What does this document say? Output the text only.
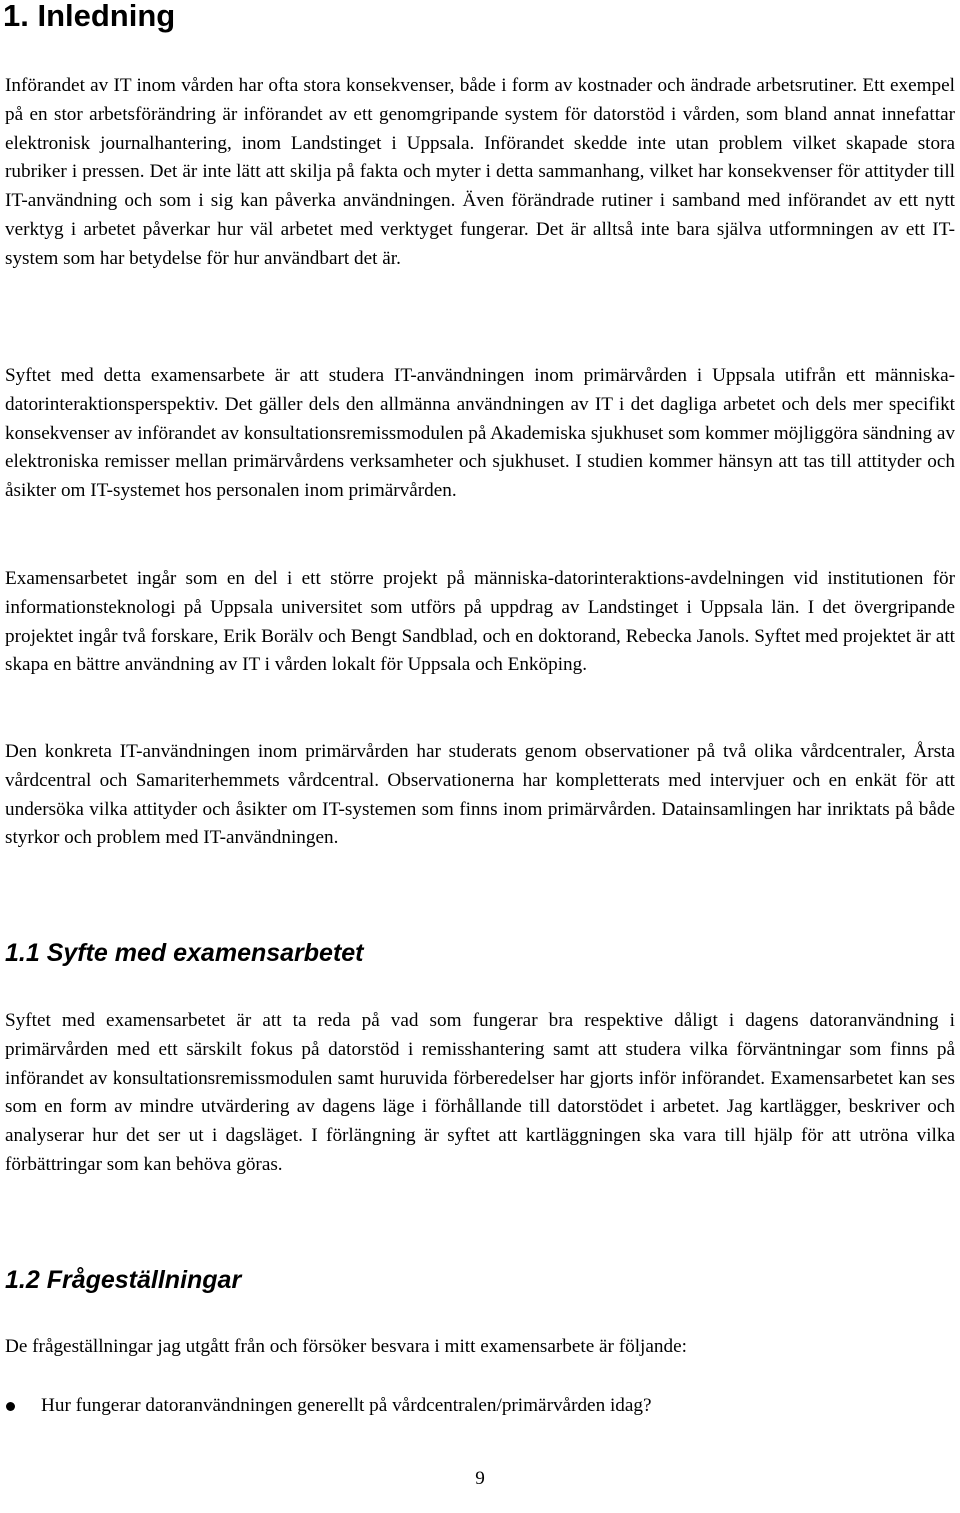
1. Inledning

Införandet av IT inom vården har ofta stora konsekvenser, både i form av kostnader och ändrade arbetsrutiner. Ett exempel på en stor arbetsförändring är införandet av ett genomgripande system för datorstöd i vården, som bland annat innefattar elektronisk journalhantering, inom Landstinget i Uppsala. Införandet skedde inte utan problem vilket skapade stora rubriker i pressen. Det är inte lätt att skilja på fakta och myter i detta sammanhang, vilket har konsekvenser för attityder till IT-användning och som i sig kan påverka användningen. Även förändrade rutiner i samband med införandet av ett nytt verktyg i arbetet påverkar hur väl arbetet med verktyget fungerar. Det är alltså inte bara själva utformningen av ett IT-system som har betydelse för hur användbart det är.

Syftet med detta examensarbete är att studera IT-användningen inom primärvården i Uppsala utifrån ett människa-datorinteraktionsperspektiv. Det gäller dels den allmänna användningen av IT i det dagliga arbetet och dels mer specifikt konsekvenser av införandet av konsultationsremissmodulen på Akademiska sjukhuset som kommer möjliggöra sändning av elektroniska remisser mellan primärvårdens verksamheter och sjukhuset. I studien kommer hänsyn att tas till attityder och åsikter om IT-systemet hos personalen inom primärvården.

Examensarbetet ingår som en del i ett större projekt på människa-datorinteraktions-avdelningen vid institutionen för informationsteknologi på Uppsala universitet som utförs på uppdrag av Landstinget i Uppsala län. I det övergripande projektet ingår två forskare, Erik Borälv och Bengt Sandblad, och en doktorand, Rebecka Janols. Syftet med projektet är att skapa en bättre användning av IT i vården lokalt för Uppsala och Enköping.

Den konkreta IT-användningen inom primärvården har studerats genom observationer på två olika vårdcentraler, Årsta vårdcentral och Samariterhemmets vårdcentral. Observationerna har kompletterats med intervjuer och en enkät för att undersöka vilka attityder och åsikter om IT-systemen som finns inom primärvården. Datainsamlingen har inriktats på både styrkor och problem med IT-användningen.

1.1 Syfte med examensarbetet

Syftet med examensarbetet är att ta reda på vad som fungerar bra respektive dåligt i dagens datoranvändning i primärvården med ett särskilt fokus på datorstöd i remisshantering samt att studera vilka förväntningar som finns på införandet av konsultationsremissmodulen samt huruvida förberedelser har gjorts inför införandet. Examensarbetet kan ses som en form av mindre utvärdering av dagens läge i förhållande till datorstödet i arbetet. Jag kartlägger, beskriver och analyserar hur det ser ut i dagsläget. I förlängning är syftet att kartläggningen ska vara till hjälp för att utröna vilka förbättringar som kan behöva göras.

1.2 Frågeställningar

De frågeställningar jag utgått från och försöker besvara i mitt examensarbete är följande:

Hur fungerar datoranvändningen generellt på vårdcentralen/primärvården idag?
9
